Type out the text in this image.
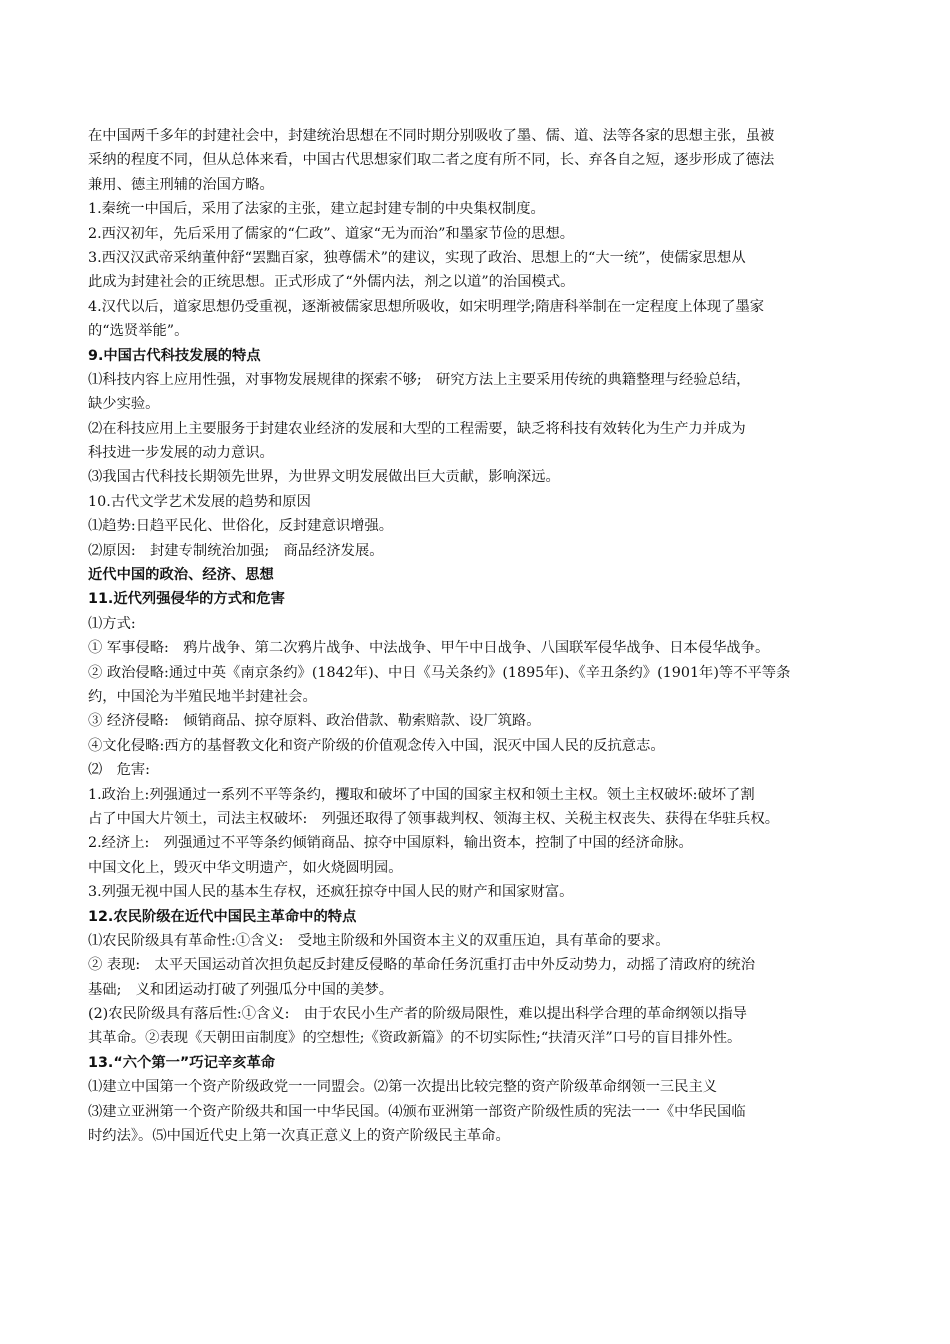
在中国两千多年的封建社会中，封建统治思想在不同时期分别吸收了墨、儒、道、法等各家的思想主张，虽被
采纳的程度不同，但从总体来看，中国古代思想家们取二者之度有所不同，长、弃各自之短，逐步形成了德法
兼用、德主刑辅的治国方略。
1.秦统一中国后，采用了法家的主张，建立起封建专制的中央集权制度。
2.西汉初年，先后采用了儒家的“仁政”、道家“无为而治”和墨家节俭的思想。
3.西汉汉武帝采纳董仲舒“罢黜百家，独尊儒术”的建议，实现了政治、思想上的“大一统”，使儒家思想从
此成为封建社会的正统思想。正式形成了“外儒内法，剂之以道”的治国模式。
4.汉代以后，道家思想仍受重视，逐渐被儒家思想所吸收，如宋明理学;隋唐科举制在一定程度上体现了墨家
的“选贤举能”。
9.中国古代科技发展的特点
⑴科技内容上应用性强，对事物发展规律的探索不够;　研究方法上主要采用传统的典籍整理与经验总结，
缺少实验。
⑵在科技应用上主要服务于封建农业经济的发展和大型的工程需要，缺乏将科技有效转化为生产力并成为
科技进一步发展的动力意识。
⑶我国古代科技长期领先世界，为世界文明发展做出巨大贡献，影响深远。
10.古代文学艺术发展的趋势和原因
⑴趋势:日趋平民化、世俗化，反封建意识增强。
⑵原因:　封建专制统治加强;　商品经济发展。
近代中国的政治、经济、思想
11.近代列强侵华的方式和危害
⑴方式:
① 军事侵略:　鸦片战争、第二次鸦片战争、中法战争、甲午中日战争、八国联军侵华战争、日本侵华战争。
② 政治侵略:通过中英《南京条约》(1842年)、中日《马关条约》(1895年)、《辛丑条约》(1901年)等不平等条
约，中国沦为半殖民地半封建社会。
③ 经济侵略:　倾销商品、掠夺原料、政治借款、勒索赔款、设厂筑路。
④文化侵略:西方的基督教文化和资产阶级的价值观念传入中国，泯灭中国人民的反抗意志。
⑵　危害:
1.政治上:列强通过一系列不平等条约，攫取和破坏了中国的国家主权和领土主权。领土主权破坏:破坏了割
占了中国大片领土，司法主权破坏:　列强还取得了领事裁判权、领海主权、关税主权丧失、获得在华驻兵权。
2.经济上:　列强通过不平等条约倾销商品、掠夺中国原料，输出资本，控制了中国的经济命脉。
中国文化上，毁灭中华文明遗产，如火烧圆明园。
3.列强无视中国人民的基本生存权，还疯狂掠夺中国人民的财产和国家财富。
12.农民阶级在近代中国民主革命中的特点
⑴农民阶级具有革命性:①含义:　受地主阶级和外国资本主义的双重压迫，具有革命的要求。
② 表现:　太平天国运动首次担负起反封建反侵略的革命任务沉重打击中外反动势力，动摇了清政府的统治
基础;　义和团运动打破了列强瓜分中国的美梦。
(2)农民阶级具有落后性:①含义:　由于农民小生产者的阶级局限性，难以提出科学合理的革命纲领以指导
其革命。②表现《天朝田亩制度》的空想性;《资政新篇》的不切实际性;“扶清灭洋”口号的盲目排外性。
13.“六个第一”巧记辛亥革命
⑴建立中国第一个资产阶级政党一一同盟会。⑵第一次提出比较完整的资产阶级革命纲领一三民主义
⑶建立亚洲第一个资产阶级共和国一中华民国。⑷颁布亚洲第一部资产阶级性质的宪法一一《中华民国临
时约法》。⑸中国近代史上第一次真正意义上的资产阶级民主革命。
